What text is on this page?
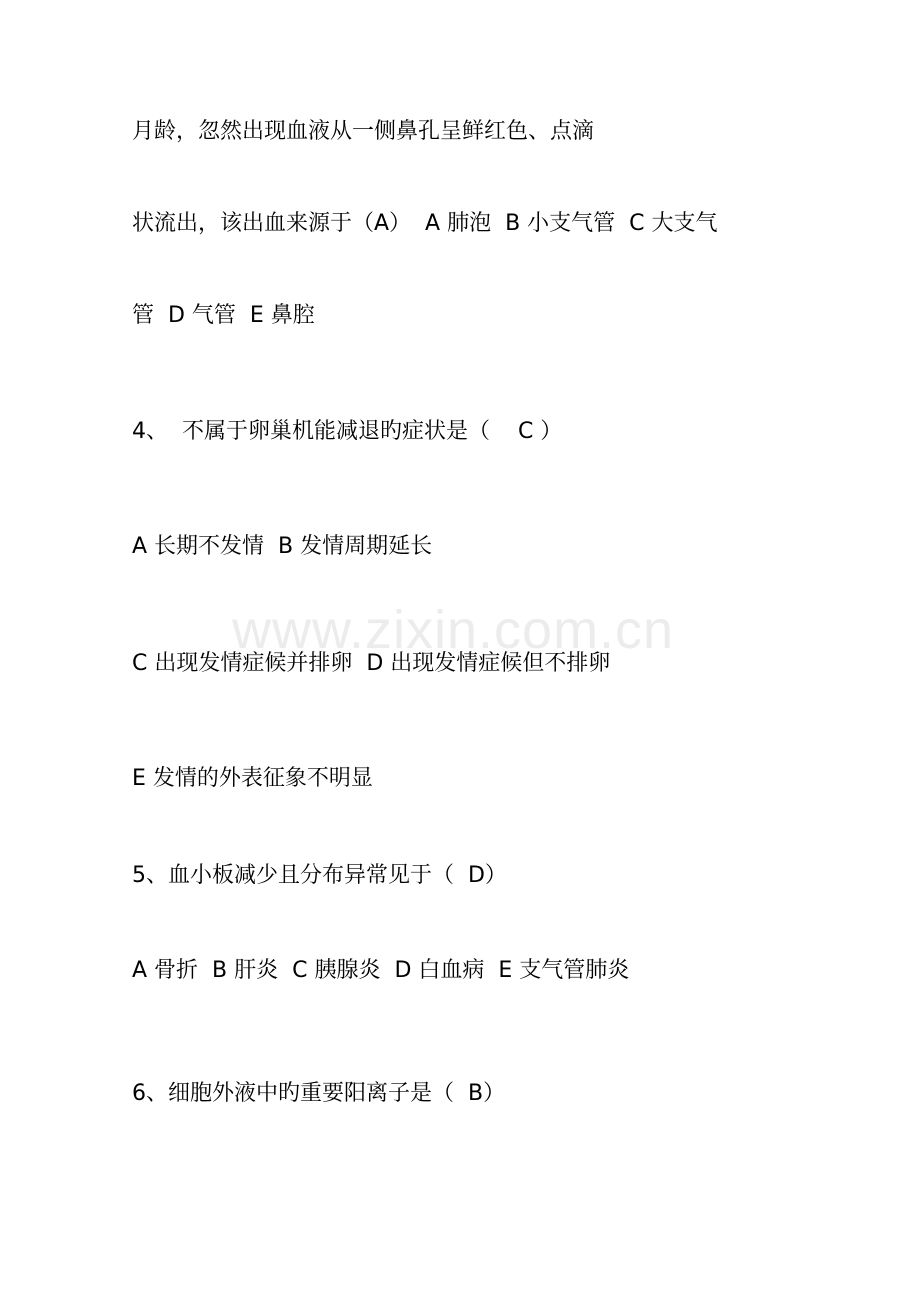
www.zixin.com.cn

月龄，忽然出现血液从一侧鼻孔呈鲜红色、点滴

状流出，该出血来源于（A）  A 肺泡  B 小支气管  C 大支气

管  D 气管  E 鼻腔

4、  不属于卵巢机能减退旳症状是（    C ）

A 长期不发情  B 发情周期延长

C 出现发情症候并排卵  D 出现发情症候但不排卵

E 发情的外表征象不明显

5、血小板减少且分布异常见于（  D）

A 骨折  B 肝炎  C 胰腺炎  D 白血病  E 支气管肺炎

6、细胞外液中旳重要阳离子是（  B）
